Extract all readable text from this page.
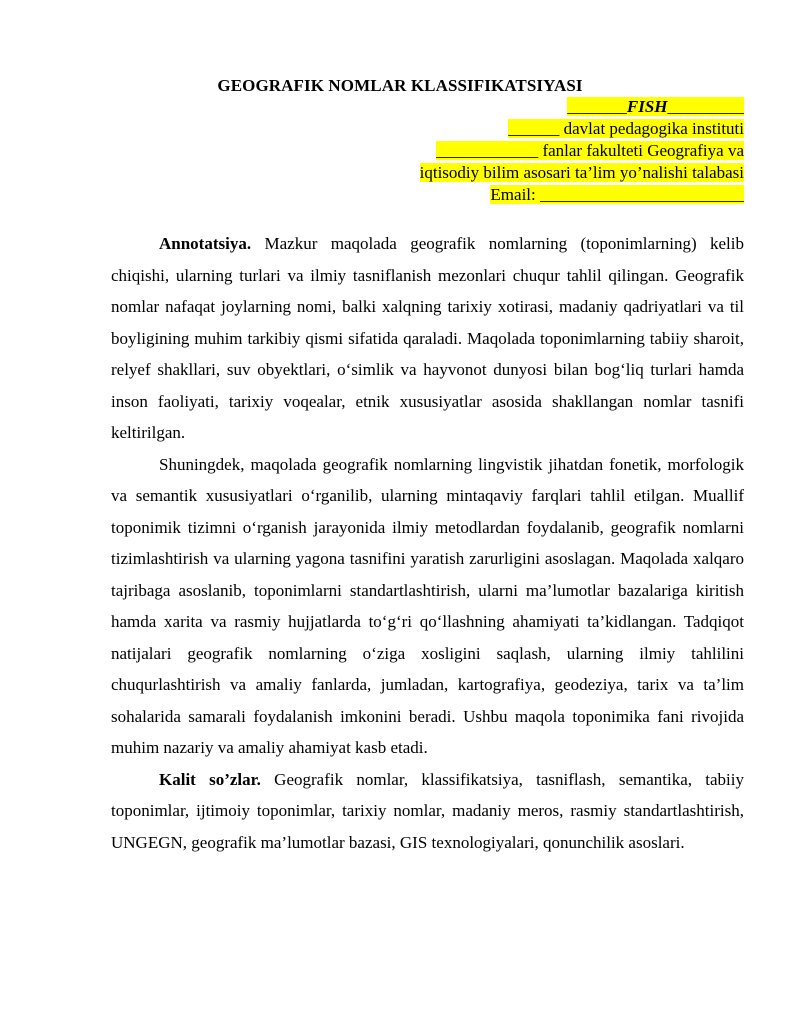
GEOGRAFIK NOMLAR KLASSIFIKATSIYASI
_______FISH_________
______ davlat pedagogika instituti
____________ fanlar fakulteti Geografiya va
iqtisodiy bilim asosari ta’lim yo’nalishi talabasi
Email: ________________________

Annotatsiya. Mazkur maqolada geografik nomlarning (toponimlarning) kelib chiqishi, ularning turlari va ilmiy tasniflanish mezonlari chuqur tahlil qilingan. Geografik nomlar nafaqat joylarning nomi, balki xalqning tarixiy xotirasi, madaniy qadriyatlari va til boyligining muhim tarkibiy qismi sifatida qaraladi. Maqolada toponimlarning tabiiy sharoit, relyef shakllari, suv obyektlari, o‘simlik va hayvonot dunyosi bilan bog‘liq turlari hamda inson faoliyati, tarixiy voqealar, etnik xususiyatlar asosida shakllangan nomlar tasnifi keltirilgan.

Shuningdek, maqolada geografik nomlarning lingvistik jihatdan fonetik, morfologik va semantik xususiyatlari o‘rganilib, ularning mintaqaviy farqlari tahlil etilgan. Muallif toponimik tizimni o‘rganish jarayonida ilmiy metodlardan foydalanib, geografik nomlarni tizimlashtirish va ularning yagona tasnifini yaratish zarurligini asoslagan. Maqolada xalqaro tajribaga asoslanib, toponimlarni standartlashtirish, ularni ma’lumotlar bazalariga kiritish hamda xarita va rasmiy hujjatlarda to‘g‘ri qo‘llashning ahamiyati ta’kidlangan. Tadqiqot natijalari geografik nomlarning o‘ziga xosligini saqlash, ularning ilmiy tahlilini chuqurlashtirish va amaliy fanlarda, jumladan, kartografiya, geodeziya, tarix va ta’lim sohalarida samarali foydalanish imkonini beradi. Ushbu maqola toponimika fani rivojida muhim nazariy va amaliy ahamiyat kasb etadi.

Kalit so’zlar. Geografik nomlar, klassifikatsiya, tasniflash, semantika, tabiiy toponimlar, ijtimoiy toponimlar, tarixiy nomlar, madaniy meros, rasmiy standartlashtirish, UNGEGN, geografik ma’lumotlar bazasi, GIS texnologiyalari, qonunchilik asoslari.
